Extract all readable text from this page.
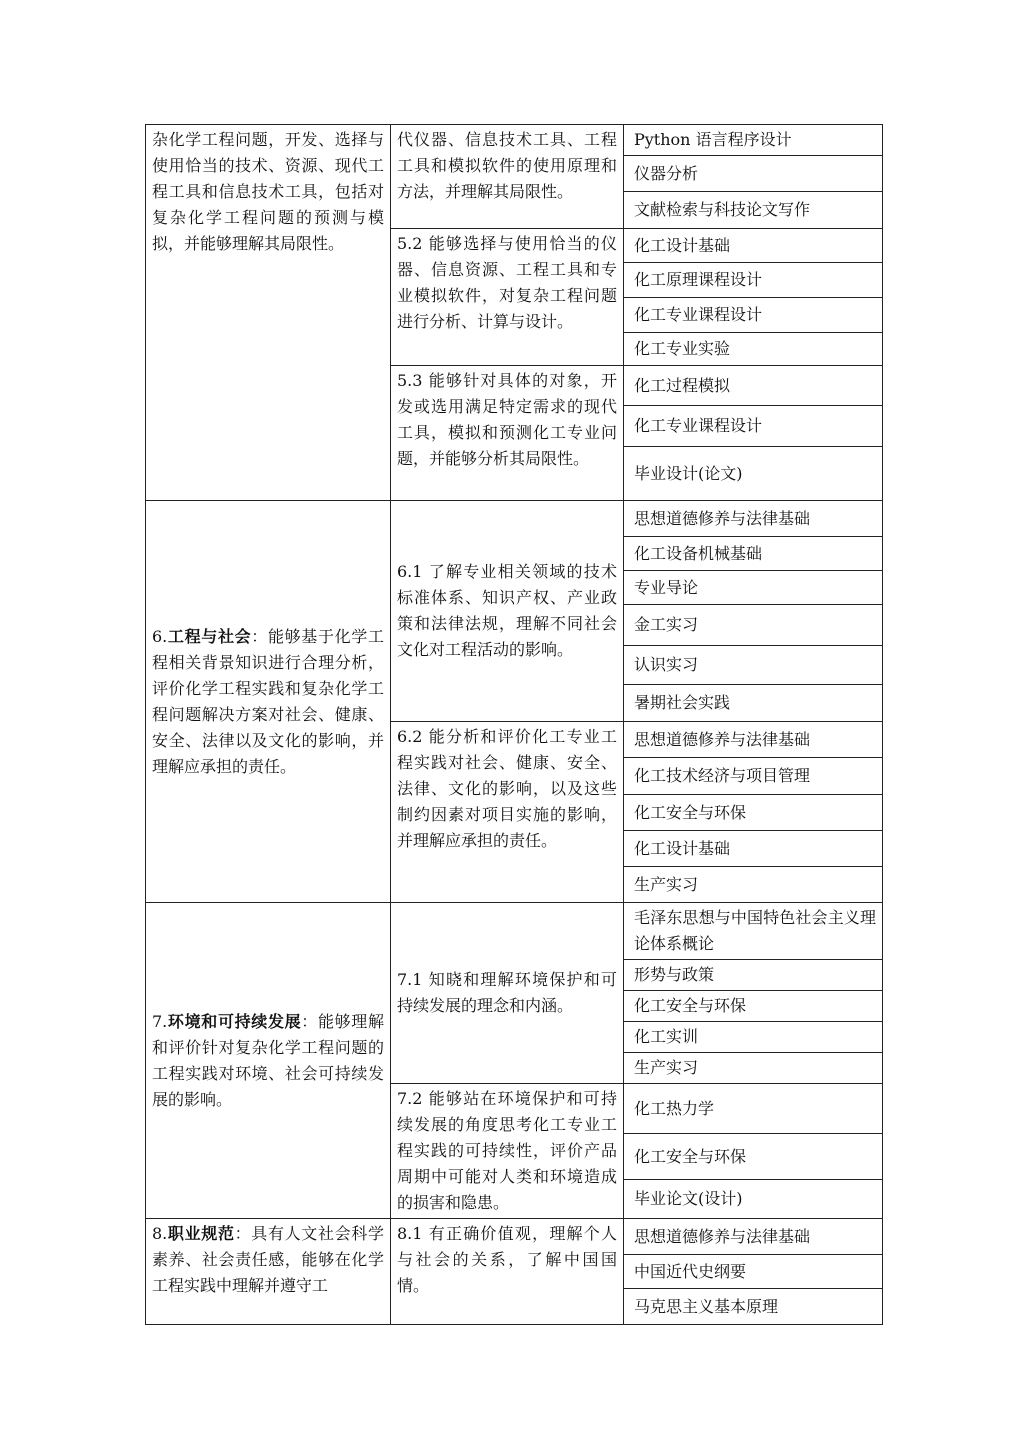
杂化学工程问题，开发、选择与使用恰当的技术、资源、现代工程工具和信息技术工具，包括对复杂化学工程问题的预测与模拟，并能够理解其局限性。	代仪器、信息技术工具、工程工具和模拟软件的使用原理和方法，并理解其局限性。	Python 语言程序设计
		仪器分析
		文献检索与科技论文写作
	5.2 能够选择与使用恰当的仪器、信息资源、工程工具和专业模拟软件，对复杂工程问题进行分析、计算与设计。	化工设计基础
		化工原理课程设计
		化工专业课程设计
		化工专业实验
	5.3 能够针对具体的对象，开发或选用满足特定需求的现代工具，模拟和预测化工专业问题，并能够分析其局限性。	化工过程模拟
		化工专业课程设计
		毕业设计(论文)
6.工程与社会：能够基于化学工程相关背景知识进行合理分析，评价化学工程实践和复杂化学工程问题解决方案对社会、健康、安全、法律以及文化的影响，并理解应承担的责任。	6.1 了解专业相关领域的技术标准体系、知识产权、产业政策和法律法规，理解不同社会文化对工程活动的影响。	思想道德修养与法律基础
		化工设备机械基础
		专业导论
		金工实习
		认识实习
		暑期社会实践
	6.2 能分析和评价化工专业工程实践对社会、健康、安全、法律、文化的影响，以及这些制约因素对项目实施的影响，并理解应承担的责任。	思想道德修养与法律基础
		化工技术经济与项目管理
		化工安全与环保
		化工设计基础
		生产实习
7.环境和可持续发展：能够理解和评价针对复杂化学工程问题的工程实践对环境、社会可持续发展的影响。	7.1 知晓和理解环境保护和可持续发展的理念和内涵。	毛泽东思想与中国特色社会主义理论体系概论
		形势与政策
		化工安全与环保
		化工实训
		生产实习
	7.2 能够站在环境保护和可持续发展的角度思考化工专业工程实践的可持续性，评价产品周期中可能对人类和环境造成的损害和隐患。	化工热力学
		化工安全与环保
		毕业论文(设计)
8.职业规范：具有人文社会科学素养、社会责任感，能够在化学工程实践中理解并遵守工	8.1 有正确价值观，理解个人与社会的关系，了解中国国情。	思想道德修养与法律基础
		中国近代史纲要
		马克思主义基本原理
